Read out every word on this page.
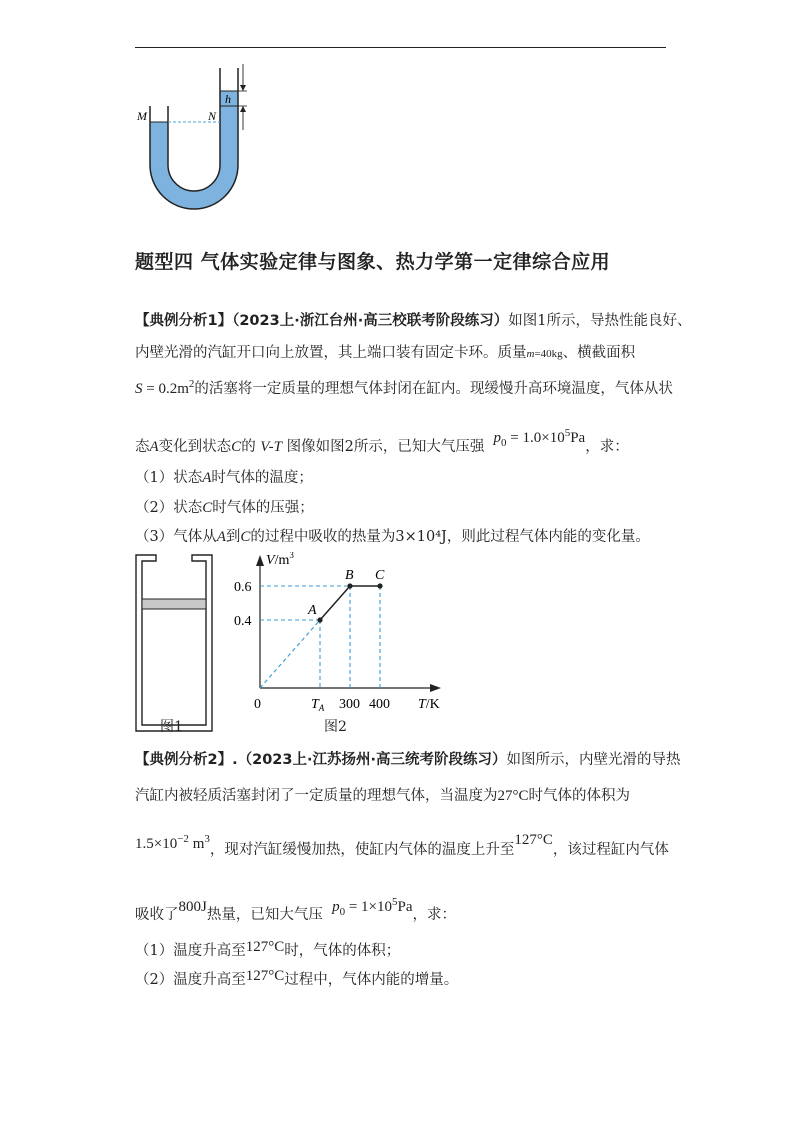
M	N
h
题型四 气体实验定律与图象、热力学第一定律综合应用
【典例分析1】（2023上·浙江台州·高三校联考阶段练习）如图1所示，导热性能良好、
内壁光滑的汽缸开口向上放置，其上端口装有固定卡环。质量m=40kg、横截面积
$S = 0.2m^2$的活塞将一定质量的理想气体封闭在缸内。现缓慢升高环境温度，气体从状
态A变化到状态C的 V-T 图像如图2所示，已知大气压强  $p_0 = 1.0\times 10^5Pa$，求：
（1）状态A时气体的温度；
（2）状态C时气体的压强；
（3）气体从A到C的过程中吸收的热量为3×10⁴J，则此过程气体内能的变化量。
图1
A
B C
0.4
0.6
300 400
$T_A$
$V/m^3$
0	T/K
图2
【典例分析2】.（2023上·江苏扬州·高三统考阶段练习）如图所示，内壁光滑的导热
汽缸内被轻质活塞封闭了一定质量的理想气体，当温度为27°C时气体的体积为
$1.5\times 10^{-2}$ $m^3$，现对汽缸缓慢加热，使缸内气体的温度上升至127°C，该过程缸内气体
吸收了800J热量，已知大气压 $p_0 = 1\times 10^5Pa$，求：
（1）温度升高至127°C时，气体的体积；
（2）温度升高至127°C过程中，气体内能的增量。
